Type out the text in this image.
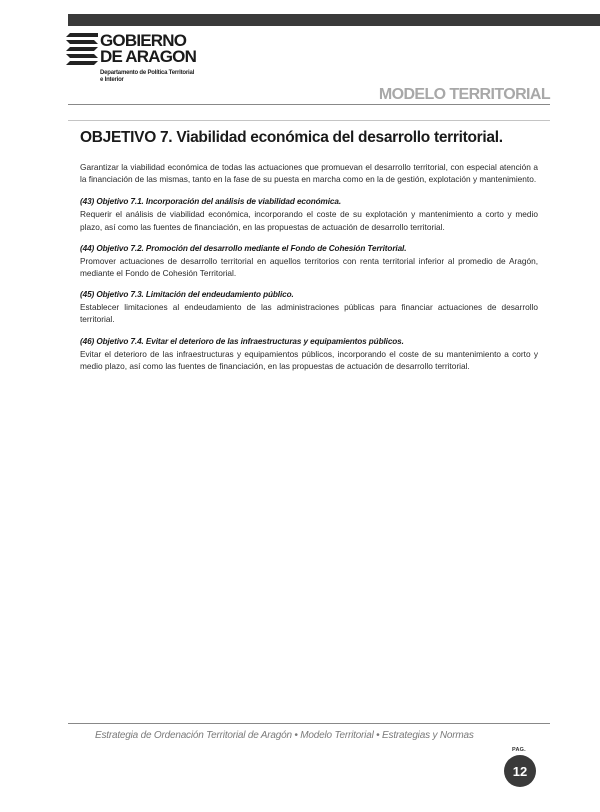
GOBIERNO
DE ARAGON
Departamento de Política Territorial
e Interior
MODELO TERRITORIAL
OBJETIVO 7. Viabilidad económica del desarrollo territorial.

Garantizar la viabilidad económica de todas las actuaciones que promuevan el desarrollo territorial, con especial atención a la financiación de las mismas, tanto en la fase de su puesta en marcha como en la de gestión, explotación y mantenimiento.

(43) Objetivo 7.1. Incorporación del análisis de viabilidad económica.

Requerir el análisis de viabilidad económica, incorporando el coste de su explotación y mantenimiento a corto y medio plazo, así como las fuentes de financiación, en las propuestas de actuación de desarrollo territorial.

(44) Objetivo 7.2. Promoción del desarrollo mediante el Fondo de Cohesión Territorial.

Promover actuaciones de desarrollo territorial en aquellos territorios con renta territorial inferior al promedio de Aragón, mediante el Fondo de Cohesión Territorial.

(45) Objetivo 7.3. Limitación del endeudamiento público.

Establecer limitaciones al endeudamiento de las administraciones públicas para financiar actuaciones de desarrollo territorial.

(46) Objetivo 7.4. Evitar el deterioro de las infraestructuras y equipamientos públicos.

Evitar el deterioro de las infraestructuras y equipamientos públicos, incorporando el coste de su mantenimiento a corto y medio plazo, así como las fuentes de financiación, en las propuestas de actuación de desarrollo territorial.

Estrategia de Ordenación Territorial de Aragón • Modelo Territorial • Estrategias y Normas
PAG.
12
